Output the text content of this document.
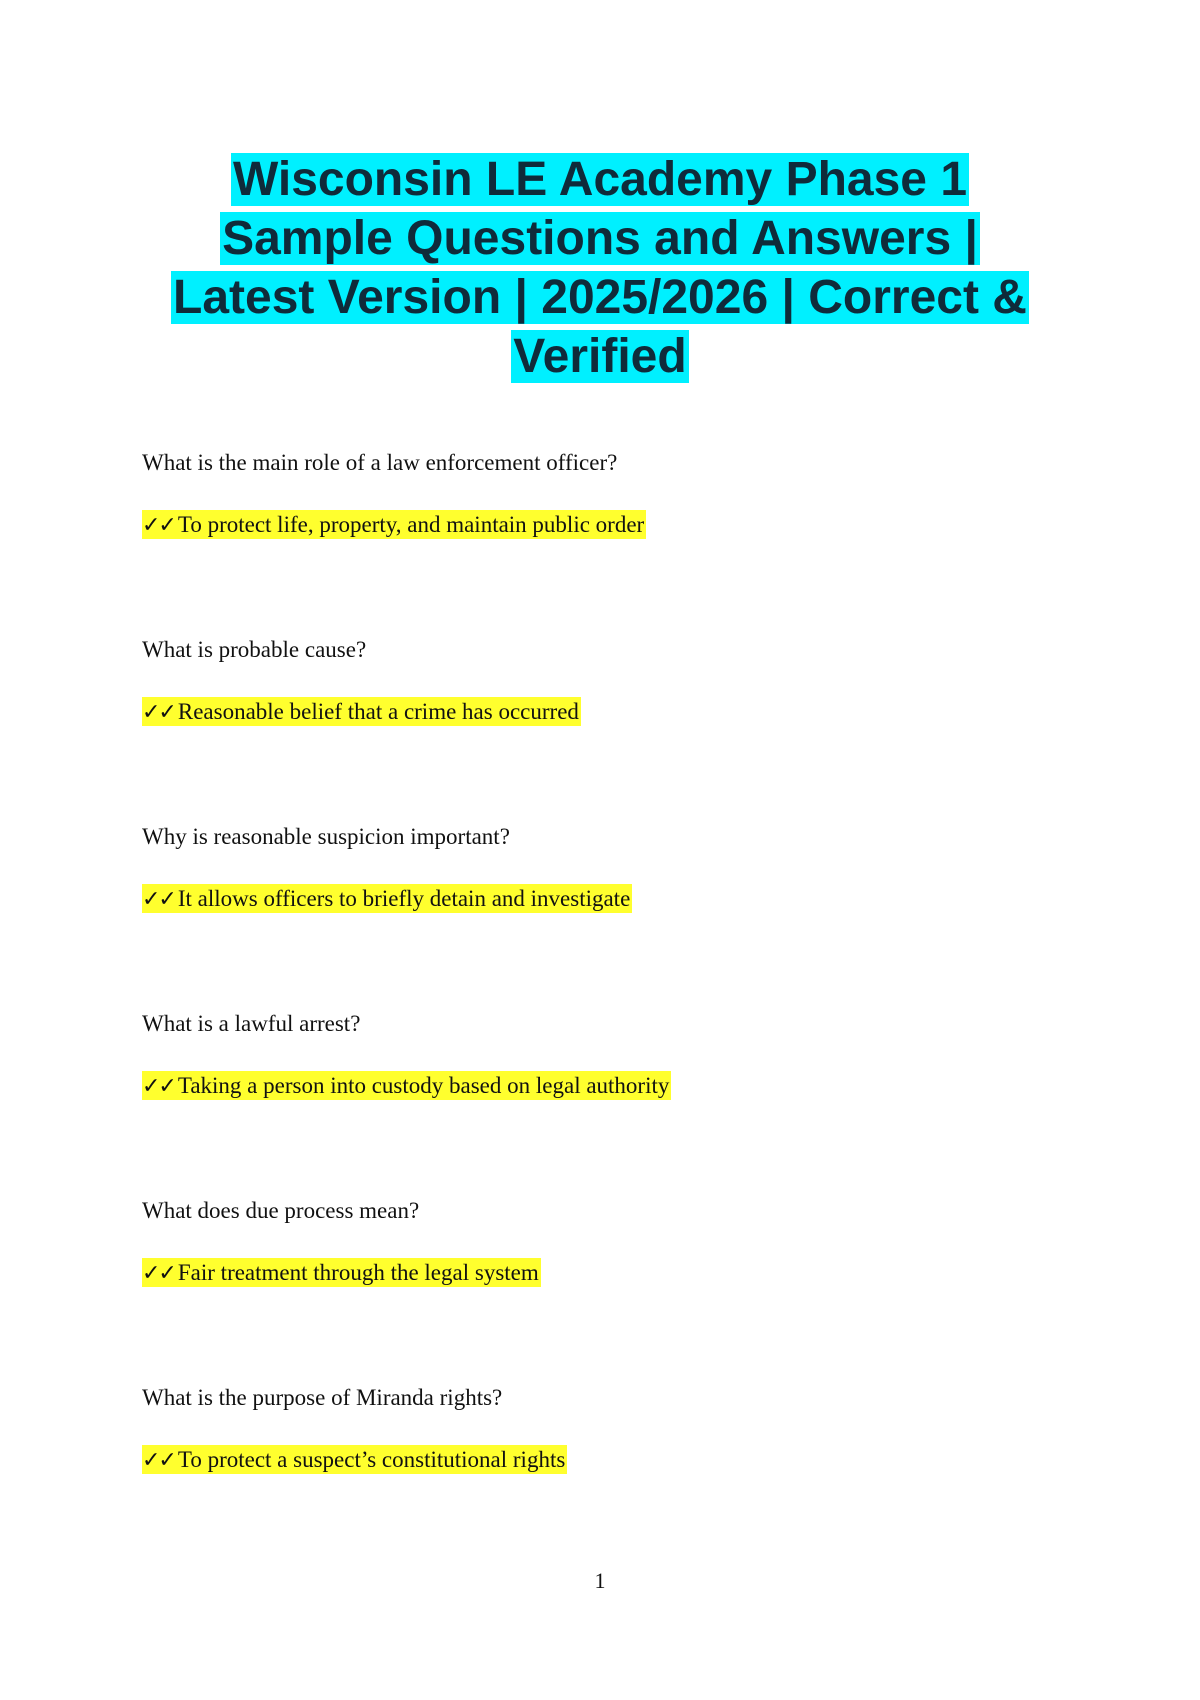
Wisconsin LE Academy Phase 1
Sample Questions and Answers |
Latest Version | 2025/2026 | Correct &
Verified

What is the main role of a law enforcement officer?

✓✓ To protect life, property, and maintain public order

What is probable cause?

✓✓ Reasonable belief that a crime has occurred

Why is reasonable suspicion important?

✓✓ It allows officers to briefly detain and investigate

What is a lawful arrest?

✓✓ Taking a person into custody based on legal authority

What does due process mean?

✓✓ Fair treatment through the legal system

What is the purpose of Miranda rights?

✓✓ To protect a suspect’s constitutional rights

1
